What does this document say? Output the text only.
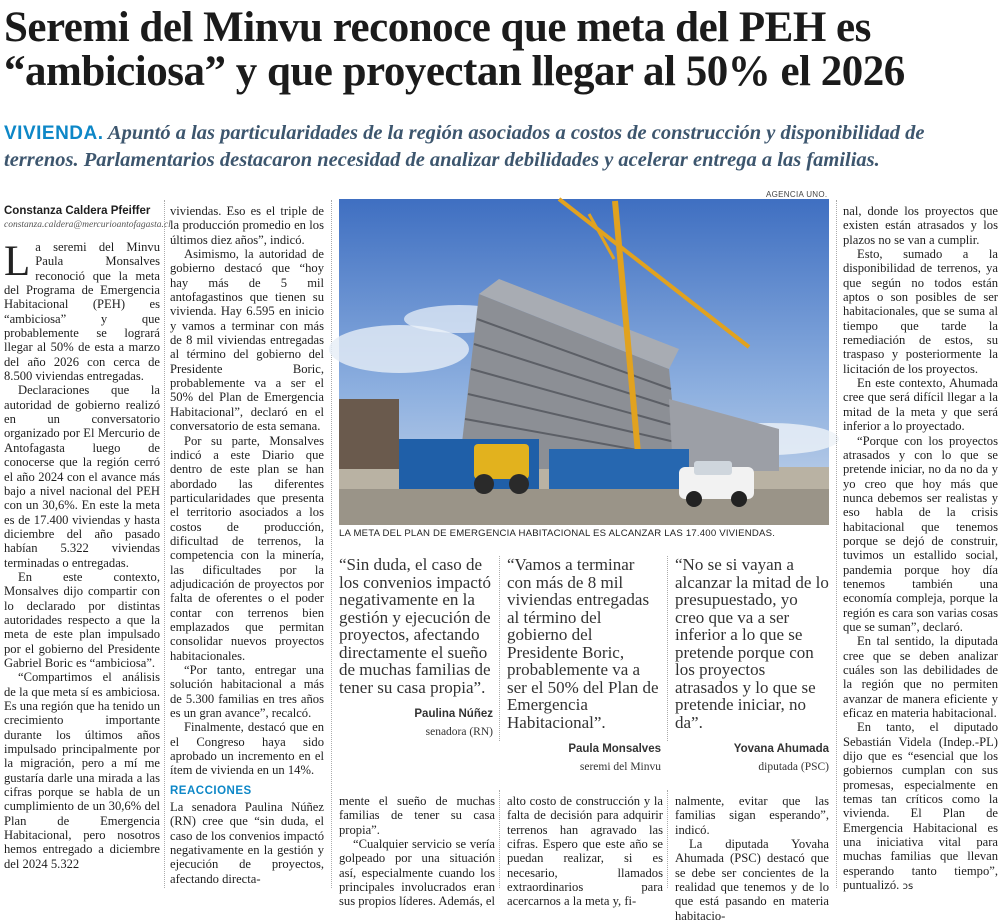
Seremi del Minvu reconoce que meta del PEH es
“ambiciosa” y que proyectan llegar al 50% el 2026
VIVIENDA. Apuntó a las particularidades de la región asociados a costos de construcción y disponibilidad de terrenos. Parlamentarios destacaron necesidad de analizar debilidades y acelerar entrega a las familias.
Constanza Caldera Pfeiffer
constanza.caldera@mercurioantofagasta.cl

La seremi del Minvu Paula Monsalves reconoció que la meta del Programa de Emergencia Habitacional (PEH) es “ambiciosa” y que probablemente se logrará llegar al 50% de esta a marzo del año 2026 con cerca de 8.500 viviendas entregadas.

Declaraciones que la autoridad de gobierno realizó en un conversatorio organizado por El Mercurio de Antofagasta luego de conocerse que la región cerró el año 2024 con el avance más bajo a nivel nacional del PEH con un 30,6%. En este la meta es de 17.400 viviendas y hasta diciembre del año pasado habían 5.322 viviendas terminadas o entregadas.

En este contexto, Monsalves dijo compartir con lo declarado por distintas autoridades respecto a que la meta de este plan impulsado por el gobierno del Presidente Gabriel Boric es “ambiciosa”.

“Compartimos el análisis de la que meta sí es ambiciosa. Es una región que ha tenido un crecimiento importante durante los últimos años impulsado principalmente por la migración, pero a mí me gustaría darle una mirada a las cifras porque se habla de un cumplimiento de un 30,6% del Plan de Emergencia Habitacional, pero nosotros hemos entregado a diciembre del 2024 5.322

viviendas. Eso es el triple de la producción promedio en los últimos diez años”, indicó.

Asimismo, la autoridad de gobierno destacó que “hoy hay más de 5 mil antofagastinos que tienen su vivienda. Hay 6.595 en inicio y vamos a terminar con más de 8 mil viviendas entregadas al término del gobierno del Presidente Boric, probablemente va a ser el 50% del Plan de Emergencia Habitacional”, declaró en el conversatorio de esta semana.

Por su parte, Monsalves indicó a este Diario que dentro de este plan se han abordado las diferentes particularidades que presenta el territorio asociados a los costos de producción, dificultad de terrenos, la competencia con la minería, las dificultades por la adjudicación de proyectos por falta de oferentes o el poder contar con terrenos bien emplazados que permitan consolidar nuevos proyectos habitacionales.

“Por tanto, entregar una solución habitacional a más de 5.300 familias en tres años es un gran avance”, recalcó.

Finalmente, destacó que en el Congreso haya sido aprobado un incremento en el ítem de vivienda en un 14%.

REACCIONES

La senadora Paulina Núñez (RN) cree que “sin duda, el caso de los convenios impactó negativamente en la gestión y ejecución de proyectos, afectando directa-

AGENCIA UNO.
LA META DEL PLAN DE EMERGENCIA HABITACIONAL ES ALCANZAR LAS 17.400 VIVIENDAS.
“Sin duda, el caso de los convenios impactó negativamente en la gestión y ejecución de proyectos, afectando directamente el sueño de muchas familias de tener su casa propia”.
Paulina Núñez
senadora (RN)
“Vamos a terminar con más de 8 mil viviendas entregadas al término del gobierno del Presidente Boric, probablemente va a ser el 50% del Plan de Emergencia Habitacional”.
Paula Monsalves
seremi del Minvu
“No se si vayan a alcanzar la mitad de lo presupuestado, yo creo que va a ser inferior a lo que se pretende porque con los proyectos atrasados y lo que se pretende iniciar, no da”.
Yovana Ahumada
diputada (PSC)

mente el sueño de muchas familias de tener su casa propia”.

“Cualquier servicio se vería golpeado por una situación así, especialmente cuando los principales involucrados eran sus propios líderes. Además, el

alto costo de construcción y la falta de decisión para adquirir terrenos han agravado las cifras. Espero que este año se puedan realizar, si es necesario, llamados extraordinarios para acercarnos a la meta y, fi-

nalmente, evitar que las familias sigan esperando”, indicó.

La diputada Yovaha Ahumada (PSC) destacó que se debe ser concientes de la realidad que tenemos y de lo que está pasando en materia habitacio-

nal, donde los proyectos que existen están atrasados y los plazos no se van a cumplir.

Esto, sumado a la disponibilidad de terrenos, ya que según no todos están aptos o son posibles de ser habitacionales, que se suma al tiempo que tarde la remediación de estos, su traspaso y posteriormente la licitación de los proyectos.

En este contexto, Ahumada cree que será difícil llegar a la mitad de la meta y que será inferior a lo proyectado.

“Porque con los proyectos atrasados y con lo que se pretende iniciar, no da no da y yo creo que hoy más que nunca debemos ser realistas y eso habla de la crisis habitacional que tenemos porque se dejó de construir, tuvimos un estallido social, pandemia porque hoy día tenemos también una economía compleja, porque la región es cara son varias cosas que se suman”, declaró.

En tal sentido, la diputada cree que se deben analizar cuáles son las debilidades de la región que no permiten avanzar de manera eficiente y eficaz en materia habitacional.

En tanto, el diputado Sebastián Videla (Indep.-PL) dijo que es “esencial que los gobiernos cumplan con sus promesas, especialmente en temas tan críticos como la vivienda. El Plan de Emergencia Habitacional es una iniciativa vital para muchas familias que llevan esperando tanto tiempo”, puntualizó. ↄꜱ
